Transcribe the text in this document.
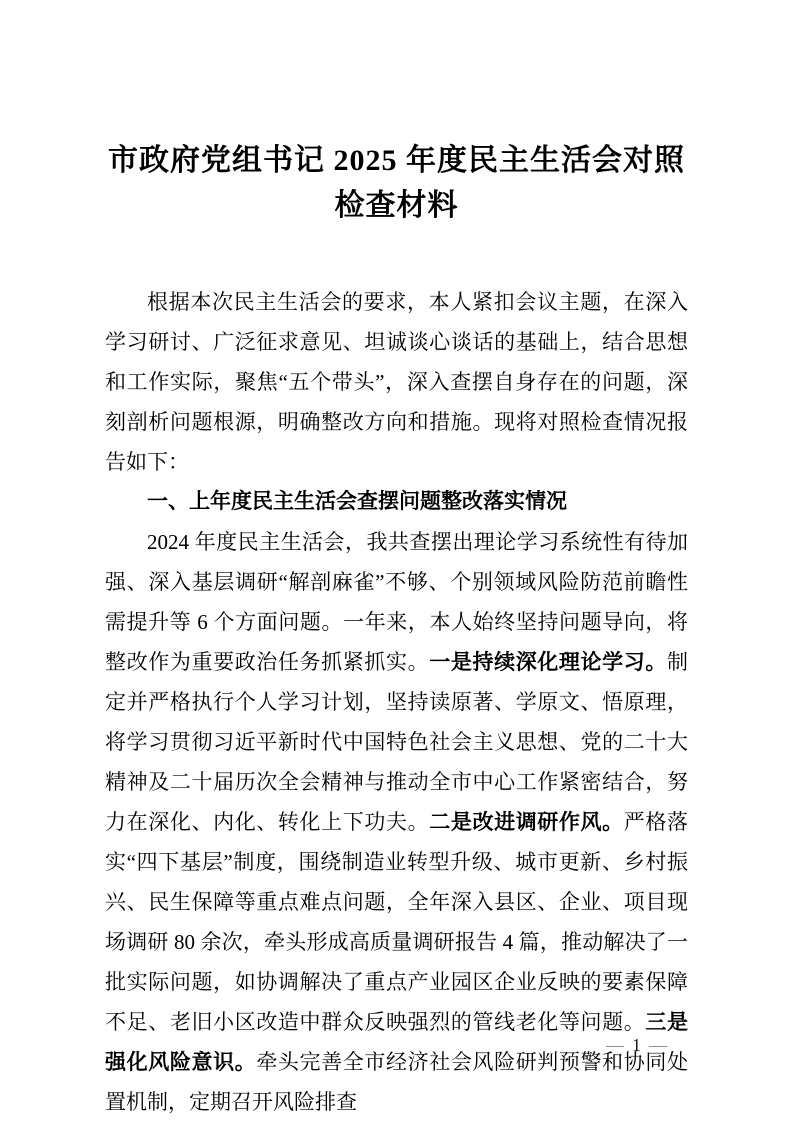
市政府党组书记 2025 年度民主生活会对照检查材料

根据本次民主生活会的要求，本人紧扣会议主题，在深入学习研讨、广泛征求意见、坦诚谈心谈话的基础上，结合思想和工作实际，聚焦“五个带头”，深入查摆自身存在的问题，深刻剖析问题根源，明确整改方向和措施。现将对照检查情况报告如下：

一、上年度民主生活会查摆问题整改落实情况

2024 年度民主生活会，我共查摆出理论学习系统性有待加强、深入基层调研“解剖麻雀”不够、个别领域风险防范前瞻性需提升等 6 个方面问题。一年来，本人始终坚持问题导向，将整改作为重要政治任务抓紧抓实。一是持续深化理论学习。制定并严格执行个人学习计划，坚持读原著、学原文、悟原理，将学习贯彻习近平新时代中国特色社会主义思想、党的二十大精神及二十届历次全会精神与推动全市中心工作紧密结合，努力在深化、内化、转化上下功夫。二是改进调研作风。严格落实“四下基层”制度，围绕制造业转型升级、城市更新、乡村振兴、民生保障等重点难点问题，全年深入县区、企业、项目现场调研 80 余次，牵头形成高质量调研报告 4 篇，推动解决了一批实际问题，如协调解决了重点产业园区企业反映的要素保障不足、老旧小区改造中群众反映强烈的管线老化等问题。三是强化风险意识。牵头完善全市经济社会风险研判预警和协同处置机制，定期召开风险排查

— 1 —
